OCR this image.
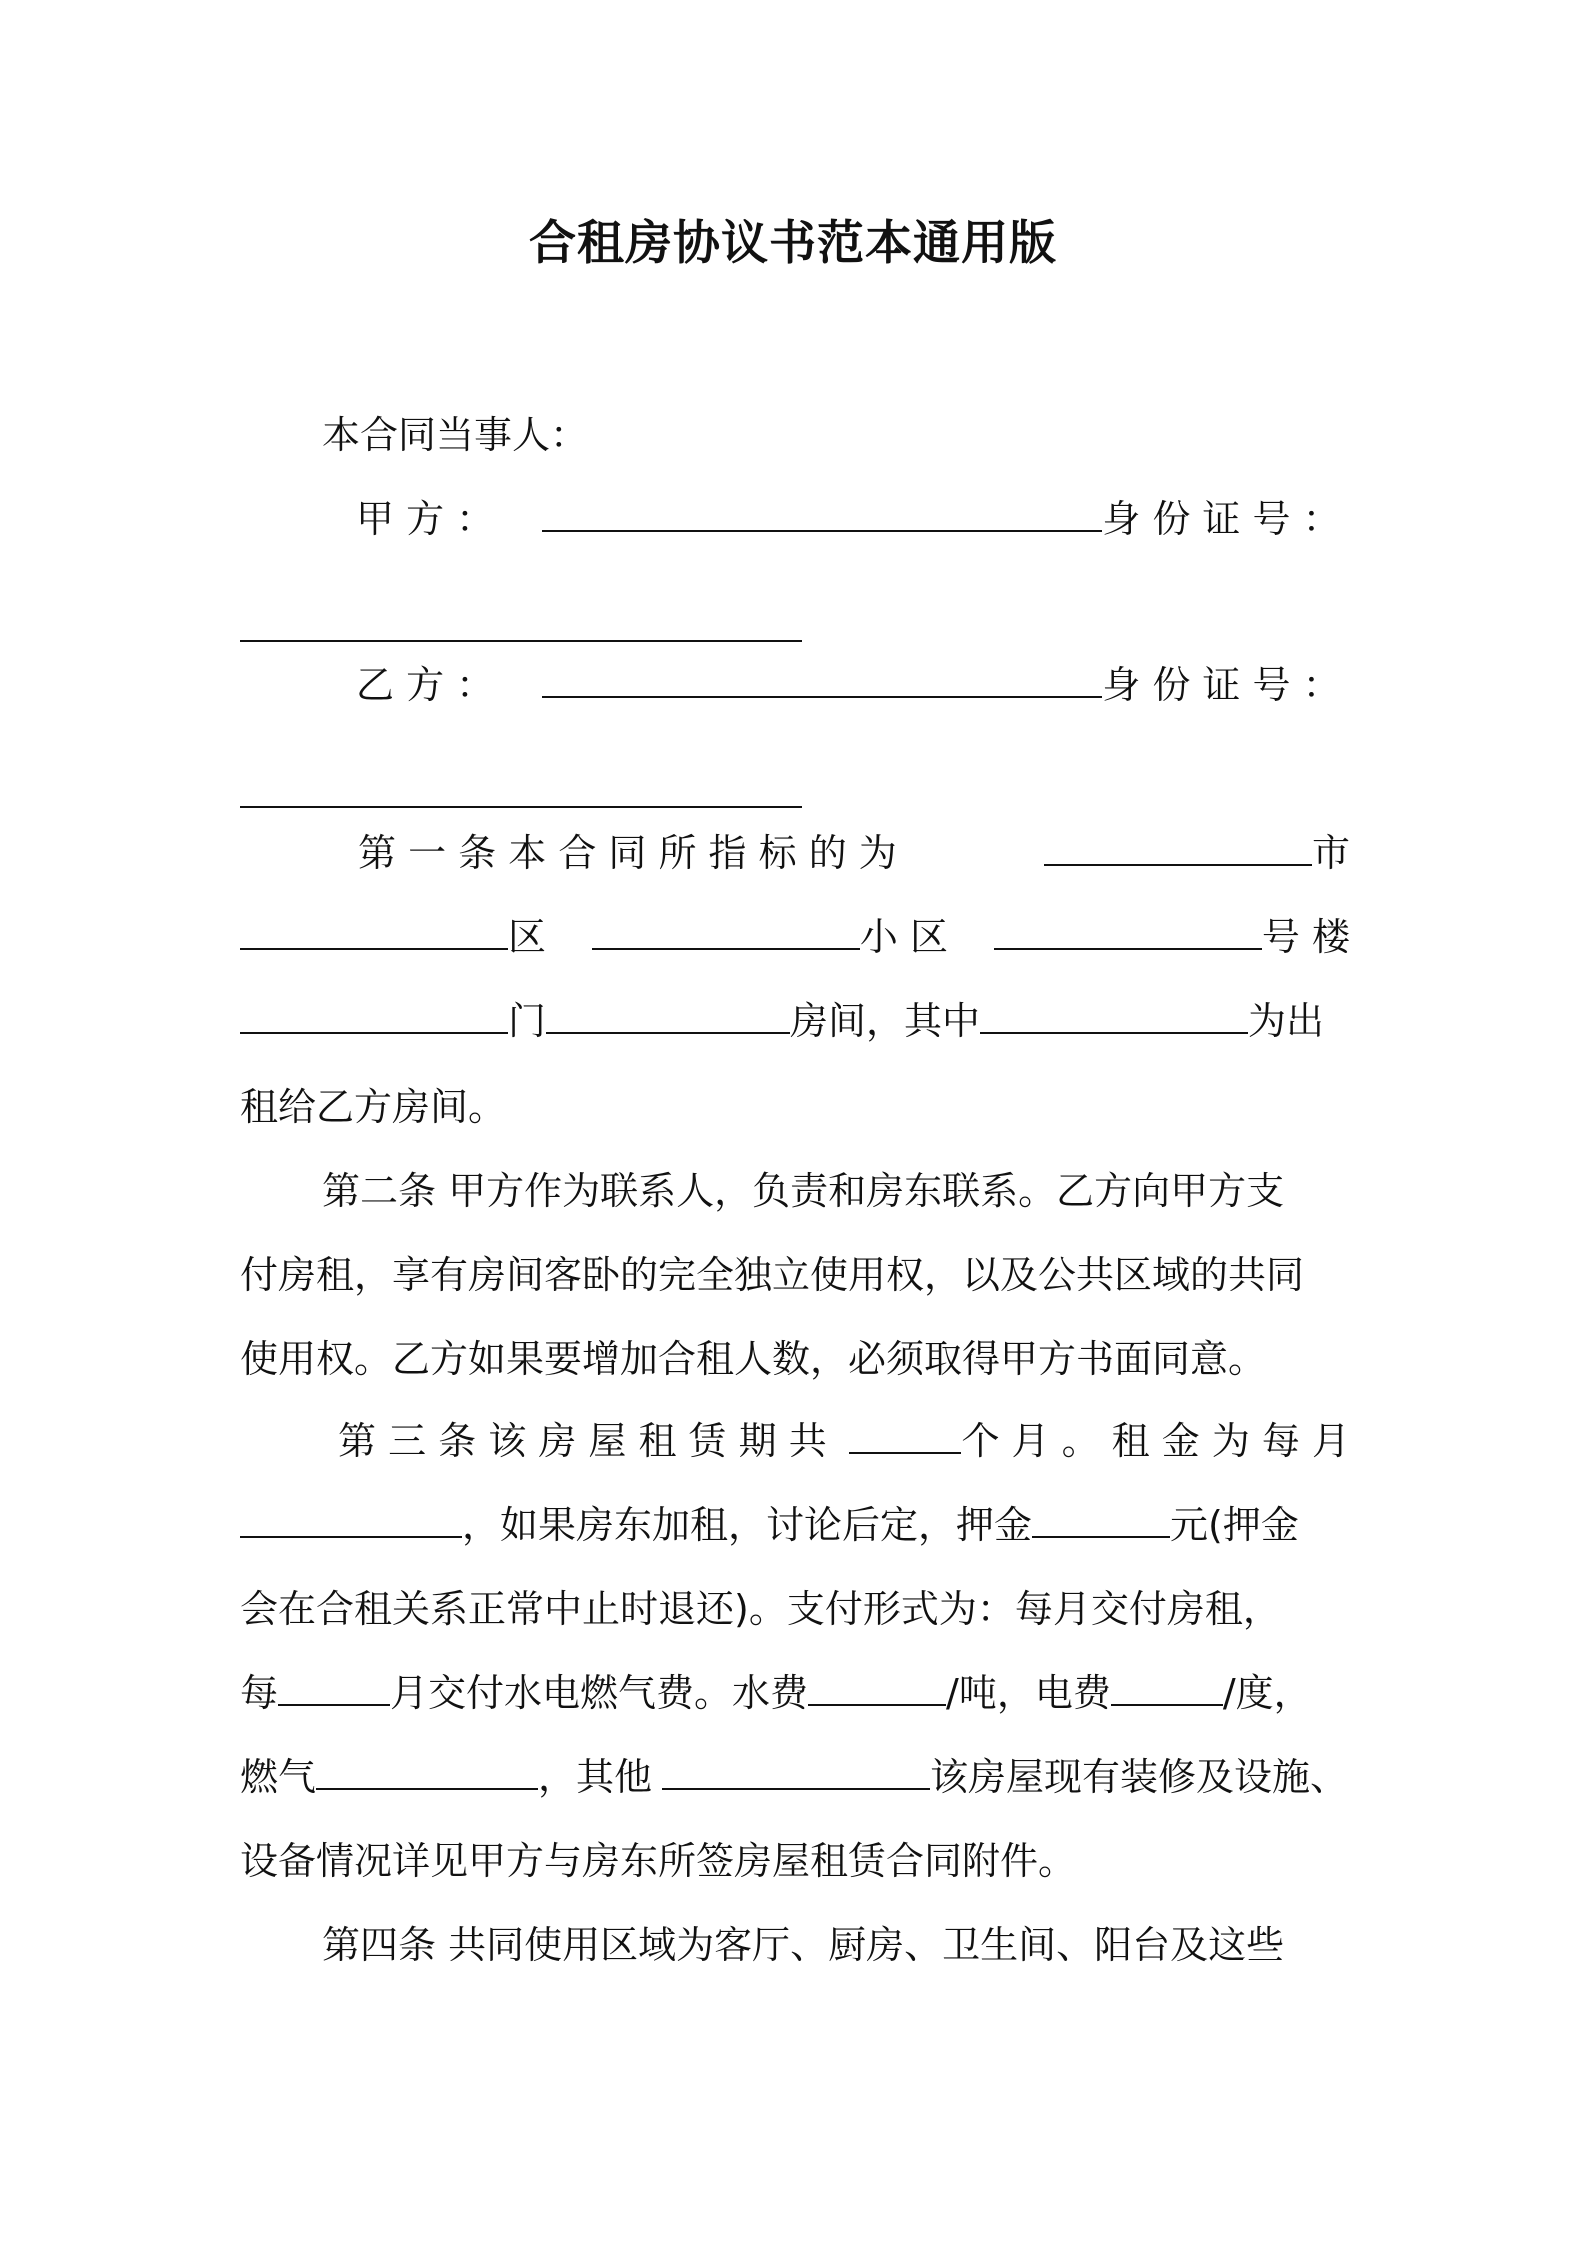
合租房协议书范本通用版
本合同当事人：
甲 方 ：	身 份 证 号 ：
乙 方 ：	身 份 证 号 ：
第 一 条 本 合 同 所 指 标 的 为	市
区	小 区	号 楼
门	房间，其中	为出
租给乙方房间。
第二条 甲方作为联系人，负责和房东联系。乙方向甲方支
付房租，享有房间客卧的完全独立使用权，以及公共区域的共同
使用权。乙方如果要增加合租人数，必须取得甲方书面同意。
第 三 条 该 房 屋 租 赁 期 共	个 月 。 租 金 为 每 月
，如果房东加租，讨论后定，押金	元(押金
会在合租关系正常中止时退还)。支付形式为：每月交付房租，
每	月交付水电燃气费。水费	/吨，电费	/度，
燃气	，其他	该房屋现有装修及设施、
设备情况详见甲方与房东所签房屋租赁合同附件。
第四条 共同使用区域为客厅、厨房、卫生间、阳台及这些
